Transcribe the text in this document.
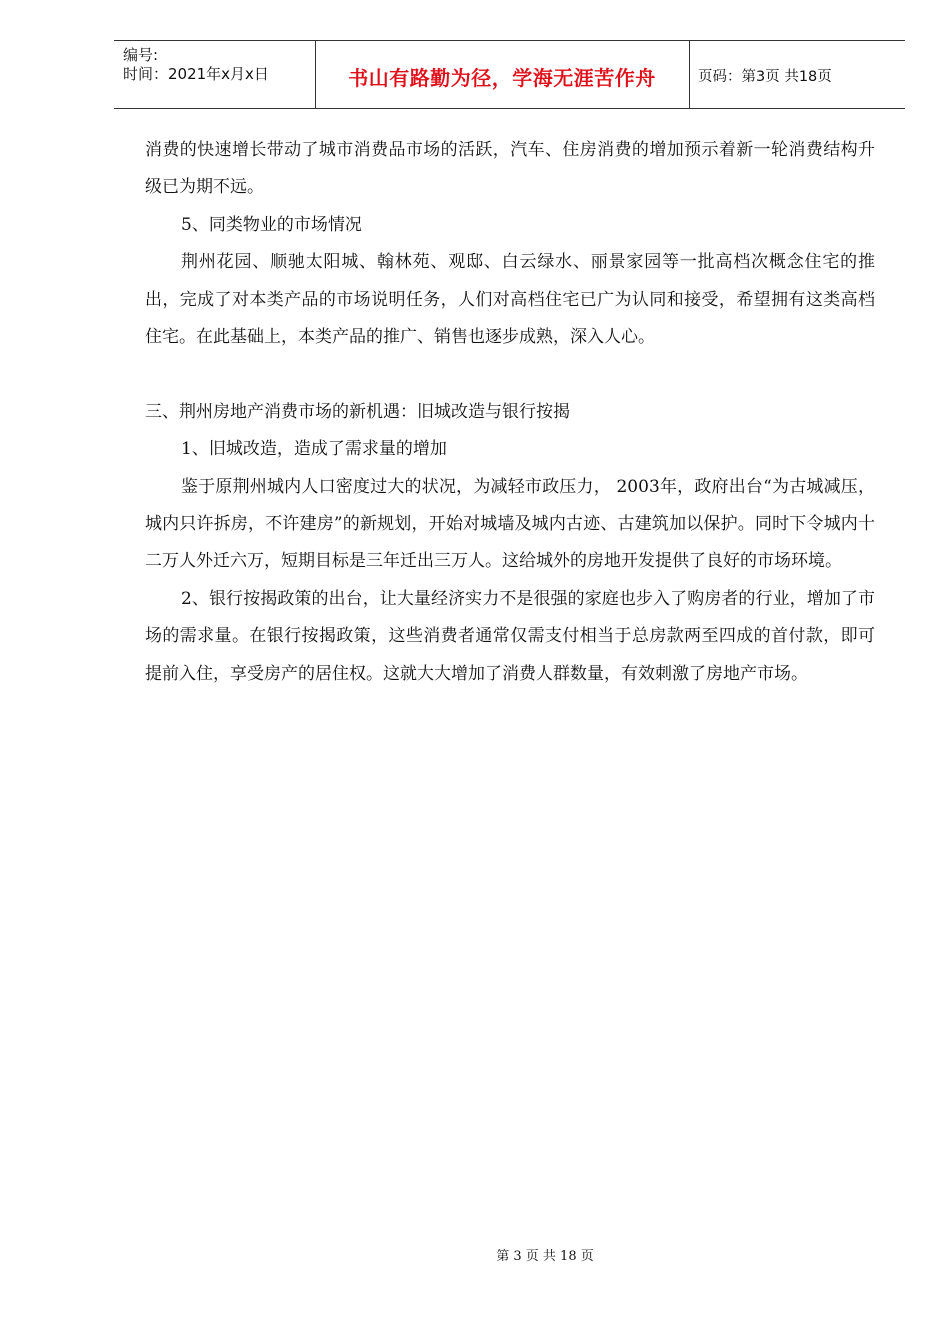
编号:
时间：2021年x月x日	书山有路勤为径，学海无涯苦作舟	页码：第3页 共18页

消费的快速增长带动了城市消费品市场的活跃，汽车、住房消费的增加预示着新一轮消费结构升级已为期不远。

5、同类物业的市场情况

荆州花园、顺驰太阳城、翰林苑、观邸、白云绿水、丽景家园等一批高档次概念住宅的推出，完成了对本类产品的市场说明任务，人们对高档住宅已广为认同和接受，希望拥有这类高档住宅。在此基础上，本类产品的推广、销售也逐步成熟，深入人心。

三、荆州房地产消费市场的新机遇：旧城改造与银行按揭

1、旧城改造，造成了需求量的增加

鉴于原荆州城内人口密度过大的状况，为减轻市政压力， 2003年，政府出台“为古城减压，城内只许拆房，不许建房”的新规划，开始对城墙及城内古迹、古建筑加以保护。同时下令城内十二万人外迁六万，短期目标是三年迁出三万人。这给城外的房地开发提供了良好的市场环境。

2、银行按揭政策的出台，让大量经济实力不是很强的家庭也步入了购房者的行业，增加了市场的需求量。在银行按揭政策，这些消费者通常仅需支付相当于总房款两至四成的首付款，即可提前入住，享受房产的居住权。这就大大增加了消费人群数量，有效刺激了房地产市场。

第 3 页 共 18 页
